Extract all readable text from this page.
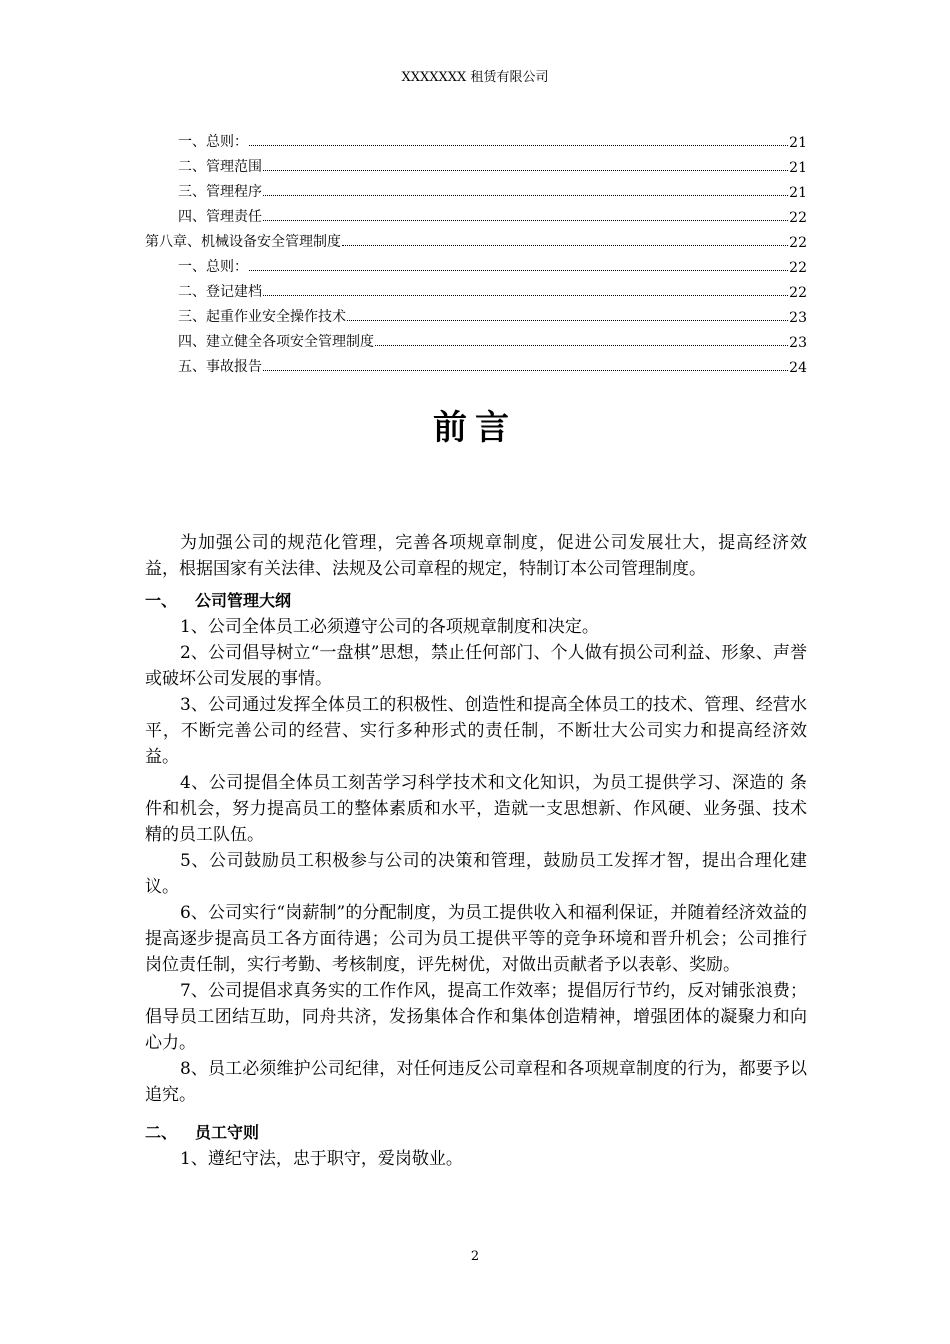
XXXXXXX 租赁有限公司
一、总则：	21
二、管理范围	21
三、管理程序	21
四、管理责任	22
第八章、机械设备安全管理制度	22
一、总则：	22
二、登记建档	22
三、起重作业安全操作技术	23
四、建立健全各项安全管理制度	23
五、事故报告	24
前言

为加强公司的规范化管理，完善各项规章制度，促进公司发展壮大，提高经济效益，根据国家有关法律、法规及公司章程的规定，特制订本公司管理制度。

一、 公司管理大纲

1、公司全体员工必须遵守公司的各项规章制度和决定。

2、公司倡导树立“一盘棋”思想，禁止任何部门、个人做有损公司利益、形象、声誉或破坏公司发展的事情。

3、公司通过发挥全体员工的积极性、创造性和提高全体员工的技术、管理、经营水平，不断完善公司的经营、实行多种形式的责任制，不断壮大公司实力和提高经济效益。

4、公司提倡全体员工刻苦学习科学技术和文化知识，为员工提供学习、深造的 条件和机会，努力提高员工的整体素质和水平，造就一支思想新、作风硬、业务强、技术精的员工队伍。

5、公司鼓励员工积极参与公司的决策和管理，鼓励员工发挥才智，提出合理化建议。

6、公司实行“岗薪制”的分配制度，为员工提供收入和福利保证，并随着经济效益的提高逐步提高员工各方面待遇；公司为员工提供平等的竞争环境和晋升机会；公司推行岗位责任制，实行考勤、考核制度，评先树优，对做出贡献者予以表彰、奖励。

7、公司提倡求真务实的工作作风，提高工作效率；提倡厉行节约，反对铺张浪费；倡导员工团结互助，同舟共济，发扬集体合作和集体创造精神，增强团体的凝聚力和向心力。

8、员工必须维护公司纪律，对任何违反公司章程和各项规章制度的行为，都要予以追究。

二、 员工守则

1、遵纪守法，忠于职守，爱岗敬业。

2
